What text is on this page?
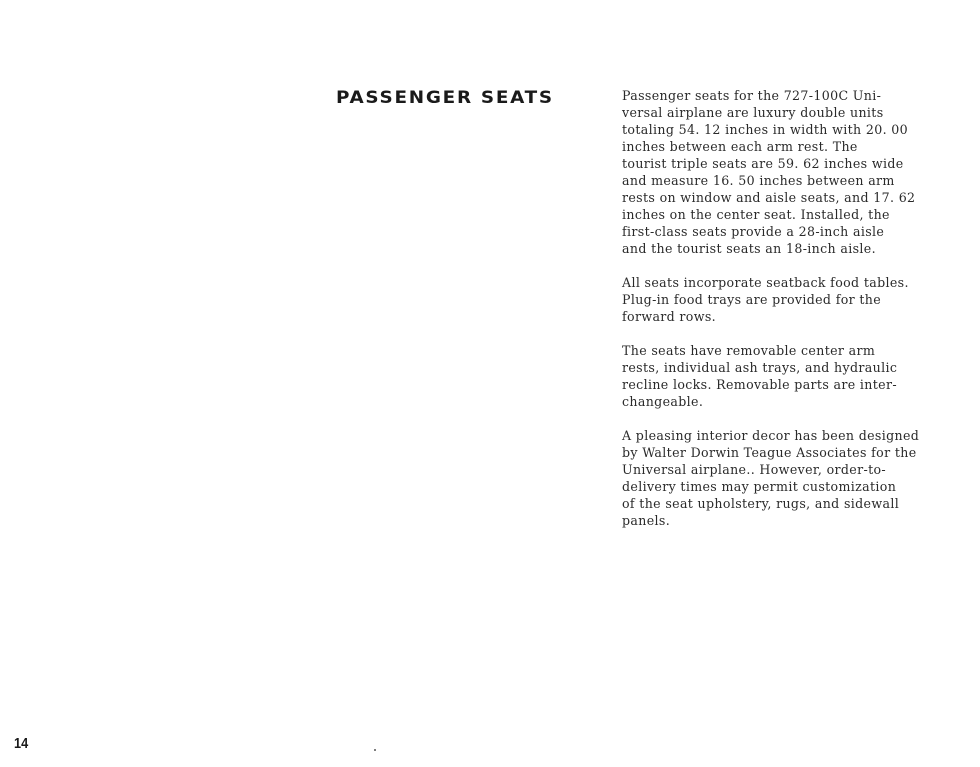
PASSENGER SEATS	Passenger seats for the 727-100C Uni-
versal airplane are luxury double units
totaling 54. 12 inches in width with 20. 00
inches between each arm rest. The
tourist triple seats are 59. 62 inches wide
and measure 16. 50 inches between arm
rests on window and aisle seats, and 17. 62
inches on the center seat. Installed, the
first-class seats provide a 28-inch aisle
and the tourist seats an 18-inch aisle.

All seats incorporate seatback food tables.
Plug-in food trays are provided for the
forward rows.

The seats have removable center arm
rests, individual ash trays, and hydraulic
recline locks. Removable parts are inter-
changeable.

A pleasing interior decor has been designed
by Walter Dorwin Teague Associates for the
Universal airplane.. However, order-to-
delivery times may permit customization
of the seat upholstery, rugs, and sidewall
panels.

14
